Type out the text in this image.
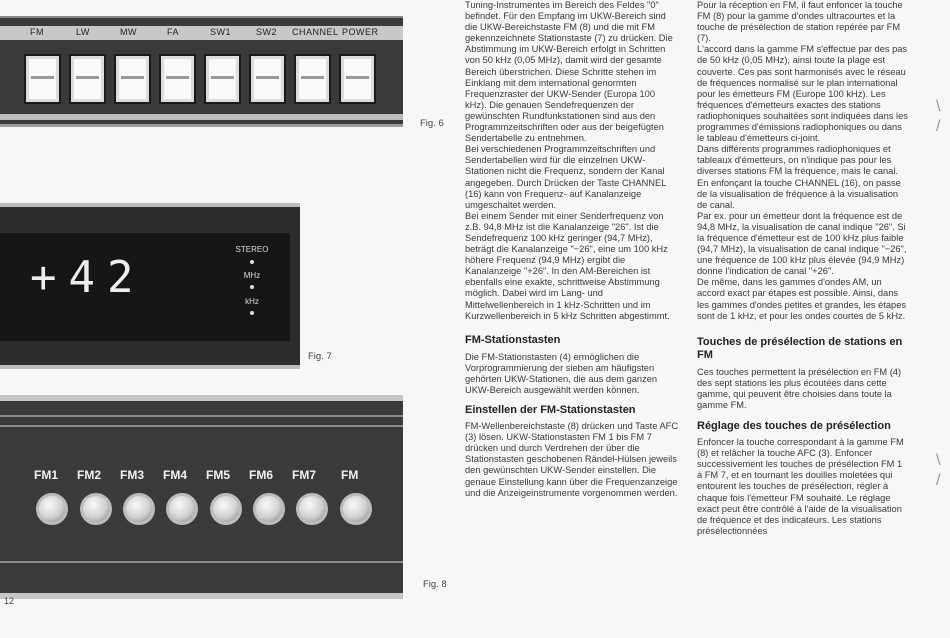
FM	LW	MW	FA	SW1	SW2 CHANNEL POWER
Fig. 6
+42
STEREO
MHz
kHz
Fig. 7
FM1 FM2 FM3 FM4 FM5 FM6 FM7 FM
Fig. 8
12

Tuning-Instrumentes im Bereich des Feldes "0" befindet. Für den Empfang im UKW-Bereich sind die UKW-Bereichstaste FM (8) und die mit FM gekennzeichnete Stationstaste (7) zu drücken. Die Abstimmung im UKW-Bereich erfolgt in Schritten von 50 kHz (0,05 MHz), damit wird der gesamte Bereich überstrichen. Diese Schritte stehen im Einklang mit dem international genormten Frequenzraster der UKW-Sender (Europa 100 kHz). Die genauen Sendefrequenzen der gewünschten Rundfunkstationen sind aus den Programmzeitschriften oder aus der beigefügten Sendertabelle zu entnehmen.

Bei verschiedenen Programmzeitschriften und Sendertabellen wird für die einzelnen UKW-Stationen nicht die Frequenz, sondern der Kanal angegeben. Durch Drücken der Taste CHANNEL (16) kann von Frequenz- auf Kanalanzeige umgeschaltet werden.

Bei einem Sender mit einer Senderfrequenz von z.B. 94,8 MHz ist die Kanalanzeige "26". Ist die Sendefrequenz 100 kHz geringer (94,7 MHz), beträgt die Kanalanzeige "−26", eine um 100 kHz höhere Frequenz (94,9 MHz) ergibt die Kanalanzeige "+26". In den AM-Bereichen ist ebenfalls eine exakte, schrittweise Abstimmung möglich. Dabei wird im Lang- und Mittelwellenbereich in 1 kHz-Schritten und im Kurzwellenbereich in 5 kHz Schritten abgestimmt.

FM-Stationstasten

Die FM-Stationstasten (4) ermöglichen die Vorprogrammierung der sieben am häufigsten gehörten UKW-Stationen, die aus dem ganzen UKW-Bereich ausgewählt werden können.

Einstellen der FM-Stationstasten

FM-Wellenbereichstaste (8) drücken und Taste AFC (3) lösen. UKW-Stationstasten FM 1 bis FM 7 drücken und durch Verdrehen der über die Stationstasten geschobenen Rändel-Hülsen jeweils den gewünschten UKW-Sender einstellen. Die genaue Einstellung kann über die Frequenzanzeige und die Anzeigeinstrumente vorgenommen werden.

Pour la réception en FM, il faut enfoncer la touche FM (8) pour la gamme d'ondes ultracourtes et la touche de présélection de station repérée par FM (7).

L'accord dans la gamme FM s'effectue par des pas de 50 kHz (0,05 MHz), ainsi toute la plage est couverte. Ces pas sont harmonisés avec le réseau de fréquences normalisé sur le plan international pour les émetteurs FM (Europe 100 kHz). Les fréquences d'émetteurs exactes des stations radiophoniques souhaitées sont indiquées dans les programmes d'émissions radiophoniques ou dans le tableau d'émetteurs ci-joint.

Dans différents programmes radiophoniques et tableaux d'émetteurs, on n'indique pas pour les diverses stations FM la fréquence, mais le canal. En enfonçant la touche CHANNEL (16), on passe de la visualisation de fréquence à la visualisation de canal.

Par ex. pour un émetteur dont la fréquence est de 94,8 MHz, la visualisation de canal indique "26". Si la fréquence d'émetteur est de 100 kHz plus faible (94,7 MHz), la visualisation de canal indique "−26", une fréquence de 100 kHz plus élevée (94,9 MHz) donne l'indication de canal "+26".

De même, dans les gammes d'ondes AM, un accord exact par étapes est possible. Ainsi, dans les gammes d'ondes petites et grandes, les étapes sont de 1 kHz, et pour les ondes courtes de 5 kHz.

Touches de présélection de stations en FM

Ces touches permettent la présélection en FM (4) des sept stations les plus écoutées dans cette gamme, qui peuvent être choisies dans toute la gamme FM.

Réglage des touches de présélection

Enfoncer la touche correspondant à la gamme FM (8) et relâcher la touche AFC (3). Enfoncer successivement les touches de présélection FM 1 à FM 7, et en tournant les douilles moletées qui entourent les touches de présélection, régler à chaque fois l'émetteur FM souhaité. Le réglage exact peut être contrôlé à l'aide de la visualisation de fréquence et des indicateurs. Les stations présélectionnées

\
/
\
/
